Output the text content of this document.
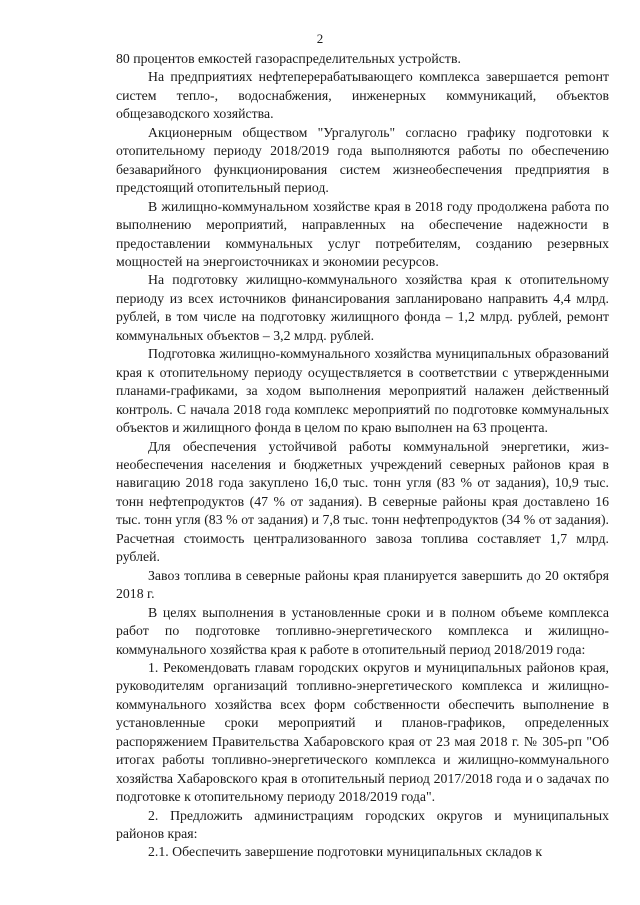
2

80 процентов емкостей газораспределительных устройств.

На предприятиях нефтеперерабатывающего комплекса завершается реmонт систем тепло-, водоснабжения, инженерных коммуникаций, объектов общезаводского хозяйства.

Акционерным обществом "Ургалуголь" согласно графику подготовки к отопительному периоду 2018/2019 года выполняются работы по обеспечению безаварийного функционирования систем жизнеобеспечения предприятия в предстоящий отопительный период.

В жилищно-коммунальном хозяйстве края в 2018 году продолжена работа по выполнению мероприятий, направленных на обеспечение надежности в предоставлении коммунальных услуг потребителям, созданию резервных мощностей на энергоисточниках и экономии ресурсов.

На подготовку жилищно-коммунального хозяйства края к отопительному периоду из всех источников финансирования запланировано направить 4,4 млрд. рублей, в том числе на подготовку жилищного фонда – 1,2 млрд. рублей, ремонт коммунальных объектов – 3,2 млрд. рублей.

Подготовка жилищно-коммунального хозяйства муниципальных образований края к отопительному периоду осуществляется в соответствии с утвержденными планами-графиками, за ходом выполнения мероприятий налажен действенный контроль. С начала 2018 года комплекс мероприятий по подготовке коммунальных объектов и жилищного фонда в целом по краю выполнен на 63 процента.

Для обеспечения устойчивой работы коммунальной энергетики, жизнеобеспечения населения и бюджетных учреждений северных районов края в навигацию 2018 года закуплено 16,0 тыс. тонн угля (83 % от задания), 10,9 тыс. тонн нефтепродуктов (47 % от задания). В северные районы края доставлено 16 тыс. тонн угля (83 % от задания) и 7,8 тыс. тонн нефтепродуктов (34 % от задания). Расчетная стоимость централизованного завоза топлива составляет 1,7 млрд. рублей.

Завоз топлива в северные районы края планируется завершить до 20 октября 2018 г.

В целях выполнения в установленные сроки и в полном объеме комплекса работ по подготовке топливно-энергетического комплекса и жилищно-коммунального хозяйства края к работе в отопительный период 2018/2019 года:

1. Рекомендовать главам городских округов и муниципальных районов края, руководителям организаций топливно-энергетического комплекса и жилищно-коммунального хозяйства всех форм собственности обеспечить выполнение в установленные сроки мероприятий и планов-графиков, определенных распоряжением Правительства Хабаровского края от 23 мая 2018 г. № 305-рп "Об итогах работы топливно-энергетического комплекса и жилищно-коммунального хозяйства Хабаровского края в отопительный период 2017/2018 года и о задачах по подготовке к отопительному периоду 2018/2019 года".

2. Предложить администрациям городских округов и муниципальных районов края:

2.1. Обеспечить завершение подготовки муниципальных складов к
